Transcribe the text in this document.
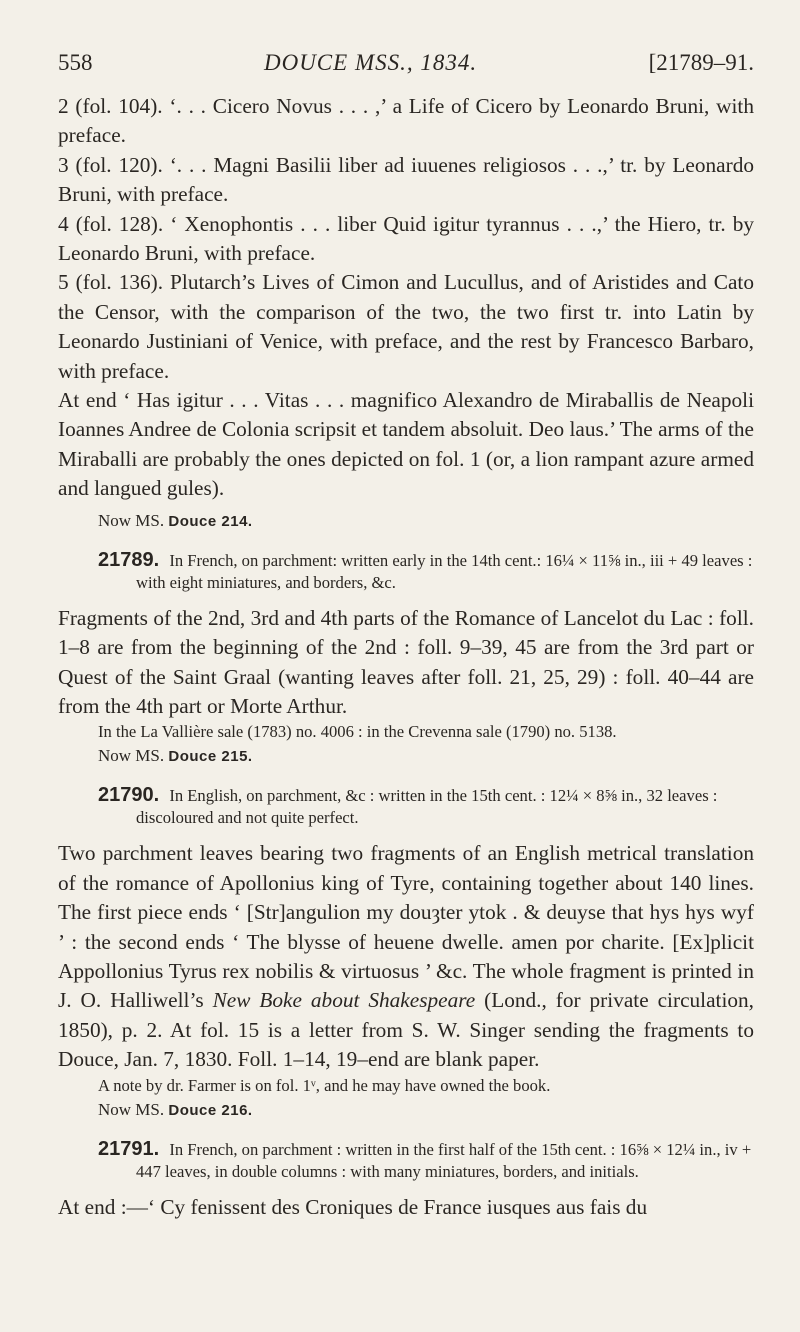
558	DOUCE MSS., 1834.	[21789–91.

2 (fol. 104). ‘. . . Cicero Novus . . . ,’ a Life of Cicero by Leonardo Bruni, with preface.

3 (fol. 120). ‘. . . Magni Basilii liber ad iuuenes religiosos . . .,’ tr. by Leonardo Bruni, with preface.

4 (fol. 128). ‘ Xenophontis . . . liber Quid igitur tyrannus . . .,’ the Hiero, tr. by Leonardo Bruni, with preface.

5 (fol. 136). Plutarch’s Lives of Cimon and Lucullus, and of Aristides and Cato the Censor, with the comparison of the two, the two first tr. into Latin by Leonardo Justiniani of Venice, with preface, and the rest by Francesco Barbaro, with preface.

At end ‘ Has igitur . . . Vitas . . . magnifico Alexandro de Miraballis de Neapoli Ioannes Andree de Colonia scripsit et tandem absoluit. Deo laus.’ The arms of the Miraballi are probably the ones depicted on fol. 1 (or, a lion rampant azure armed and langued gules).

Now MS. Douce 214.

21789. In French, on parchment: written early in the 14th cent.: 16¼ × 11⅝ in., iii + 49 leaves : with eight miniatures, and borders, &c.

Fragments of the 2nd, 3rd and 4th parts of the Romance of Lancelot du Lac : foll. 1–8 are from the beginning of the 2nd : foll. 9–39, 45 are from the 3rd part or Quest of the Saint Graal (wanting leaves after foll. 21, 25, 29) : foll. 40–44 are from the 4th part or Morte Arthur.

In the La Vallière sale (1783) no. 4006 : in the Crevenna sale (1790) no. 5138.

Now MS. Douce 215.

21790. In English, on parchment, &c : written in the 15th cent. : 12¼ × 8⅝ in., 32 leaves : discoloured and not quite perfect.

Two parchment leaves bearing two fragments of an English metrical translation of the romance of Apollonius king of Tyre, containing together about 140 lines. The first piece ends ‘ [Str]angulion my douȝter ytok . & deuyse that hys hys wyf ’ : the second ends ‘ The blysse of heuene dwelle. amen por charite. [Ex]plicit Appollonius Tyrus rex nobilis & virtuosus ’ &c. The whole fragment is printed in J. O. Halliwell’s New Boke about Shakespeare (Lond., for private circulation, 1850), p. 2. At fol. 15 is a letter from S. W. Singer sending the fragments to Douce, Jan. 7, 1830. Foll. 1–14, 19–end are blank paper.

A note by dr. Farmer is on fol. 1ᵛ, and he may have owned the book.

Now MS. Douce 216.

21791. In French, on parchment : written in the first half of the 15th cent. : 16⅝ × 12¼ in., iv + 447 leaves, in double columns : with many miniatures, borders, and initials.

At end :—‘ Cy fenissent des Croniques de France iusques aus fais du
